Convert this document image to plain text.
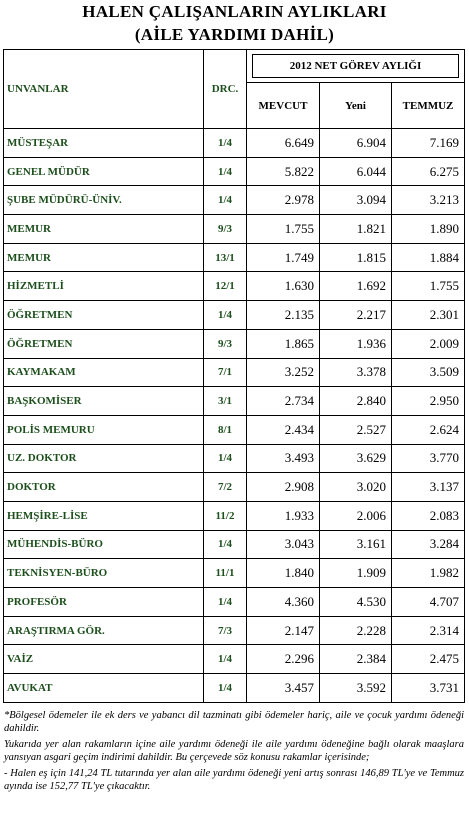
HALEN ÇALIŞANLARIN AYLIKLARI
(AİLE YARDIMI DAHİL)
UNVANLAR	DRC.	2012 NET GÖREV AYLIĞI		

		MEVCUT	Yeni	TEMMUZ
MÜSTEŞAR	1/4	6.649	6.904	7.169
GENEL MÜDÜR	1/4	5.822	6.044	6.275
ŞUBE MÜDÜRÜ-ÜNİV.	1/4	2.978	3.094	3.213
MEMUR	9/3	1.755	1.821	1.890
MEMUR	13/1	1.749	1.815	1.884
HİZMETLİ	12/1	1.630	1.692	1.755
ÖĞRETMEN	1/4	2.135	2.217	2.301
ÖĞRETMEN	9/3	1.865	1.936	2.009
KAYMAKAM	7/1	3.252	3.378	3.509
BAŞKOMİSER	3/1	2.734	2.840	2.950
POLİS MEMURU	8/1	2.434	2.527	2.624
UZ. DOKTOR	1/4	3.493	3.629	3.770
DOKTOR	7/2	2.908	3.020	3.137
HEMŞİRE-LİSE	11/2	1.933	2.006	2.083
MÜHENDİS-BÜRO	1/4	3.043	3.161	3.284
TEKNİSYEN-BÜRO	11/1	1.840	1.909	1.982
PROFESÖR	1/4	4.360	4.530	4.707
ARAŞTIRMA GÖR.	7/3	2.147	2.228	2.314
VAİZ	1/4	2.296	2.384	2.475
AVUKAT	1/4	3.457	3.592	3.731

*Bölgesel ödemeler ile ek ders ve yabancı dil tazminatı gibi ödemeler hariç, aile ve çocuk yardımı ödeneği dahildir.

Yukarıda yer alan rakamların içine aile yardımı ödeneği ile aile yardımı ödeneğine bağlı olarak maaşlara yansıyan asgari geçim indirimi dahildir. Bu çerçevede söz konusu rakamlar içerisinde;

- Halen eş için 141,24 TL tutarında yer alan aile yardımı ödeneği yeni artış sonrası 146,89 TL'ye ve Temmuz ayında ise 152,77 TL'ye çıkacaktır.
